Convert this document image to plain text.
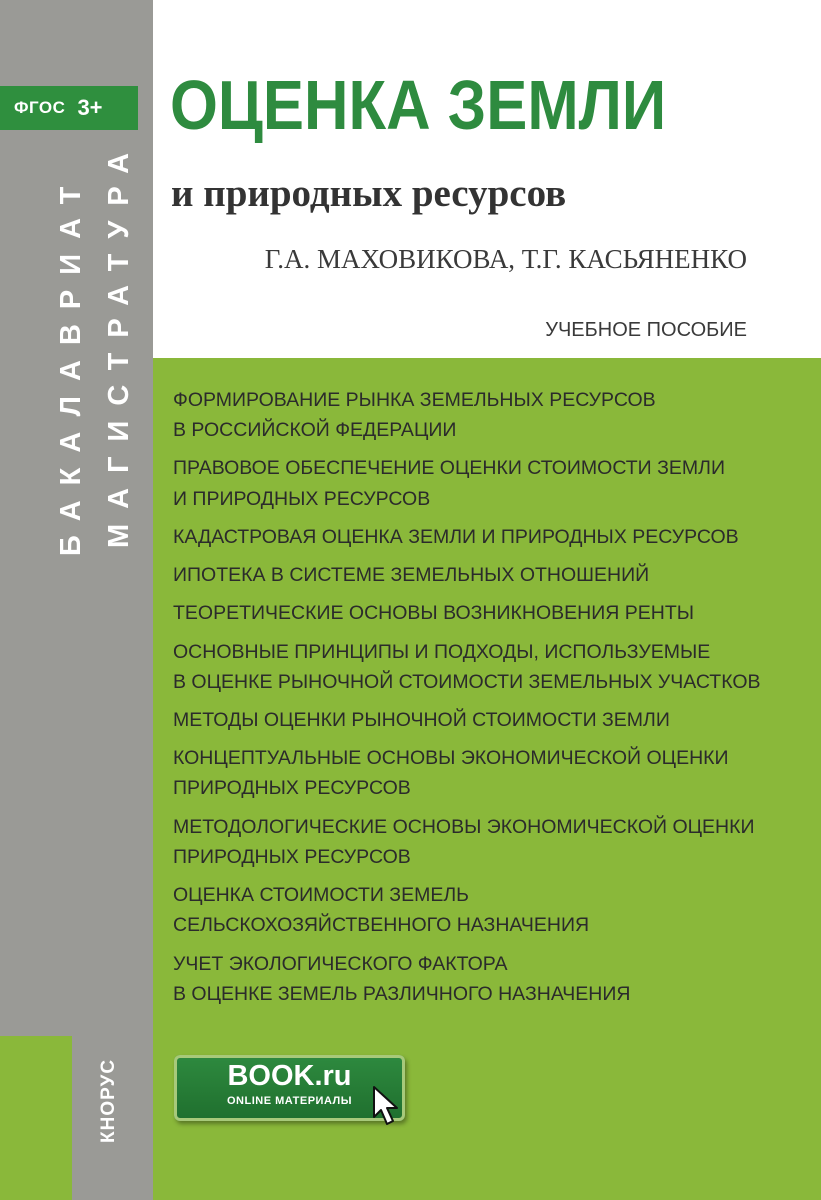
ФГОС 3+
БАКАЛАВРИАТ МАГИСТРАТУРА
КНОРУС
ОЦЕНКА ЗЕМЛИ
и природных ресурсов
Г.А. МАХОВИКОВА, Т.Г. КАСЬЯНЕНКО
УЧЕБНОЕ ПОСОБИЕ
ФОРМИРОВАНИЕ РЫНКА ЗЕМЕЛЬНЫХ РЕСУРСОВ
В РОССИЙСКОЙ ФЕДЕРАЦИИ
ПРАВОВОЕ ОБЕСПЕЧЕНИЕ ОЦЕНКИ СТОИМОСТИ ЗЕМЛИ
И ПРИРОДНЫХ РЕСУРСОВ
КАДАСТРОВАЯ ОЦЕНКА ЗЕМЛИ И ПРИРОДНЫХ РЕСУРСОВ
ИПОТЕКА В СИСТЕМЕ ЗЕМЕЛЬНЫХ ОТНОШЕНИЙ
ТЕОРЕТИЧЕСКИЕ ОСНОВЫ ВОЗНИКНОВЕНИЯ РЕНТЫ
ОСНОВНЫЕ ПРИНЦИПЫ И ПОДХОДЫ, ИСПОЛЬЗУЕМЫЕ
В ОЦЕНКЕ РЫНОЧНОЙ СТОИМОСТИ ЗЕМЕЛЬНЫХ УЧАСТКОВ
МЕТОДЫ ОЦЕНКИ РЫНОЧНОЙ СТОИМОСТИ ЗЕМЛИ
КОНЦЕПТУАЛЬНЫЕ ОСНОВЫ ЭКОНОМИЧЕСКОЙ ОЦЕНКИ
ПРИРОДНЫХ РЕСУРСОВ
МЕТОДОЛОГИЧЕСКИЕ ОСНОВЫ ЭКОНОМИЧЕСКОЙ ОЦЕНКИ
ПРИРОДНЫХ РЕСУРСОВ
ОЦЕНКА СТОИМОСТИ ЗЕМЕЛЬ
СЕЛЬСКОХОЗЯЙСТВЕННОГО НАЗНАЧЕНИЯ
УЧЕТ ЭКОЛОГИЧЕСКОГО ФАКТОРА
В ОЦЕНКЕ ЗЕМЕЛЬ РАЗЛИЧНОГО НАЗНАЧЕНИЯ
BOOK.ru
ONLINE МАТЕРИАЛЫ
